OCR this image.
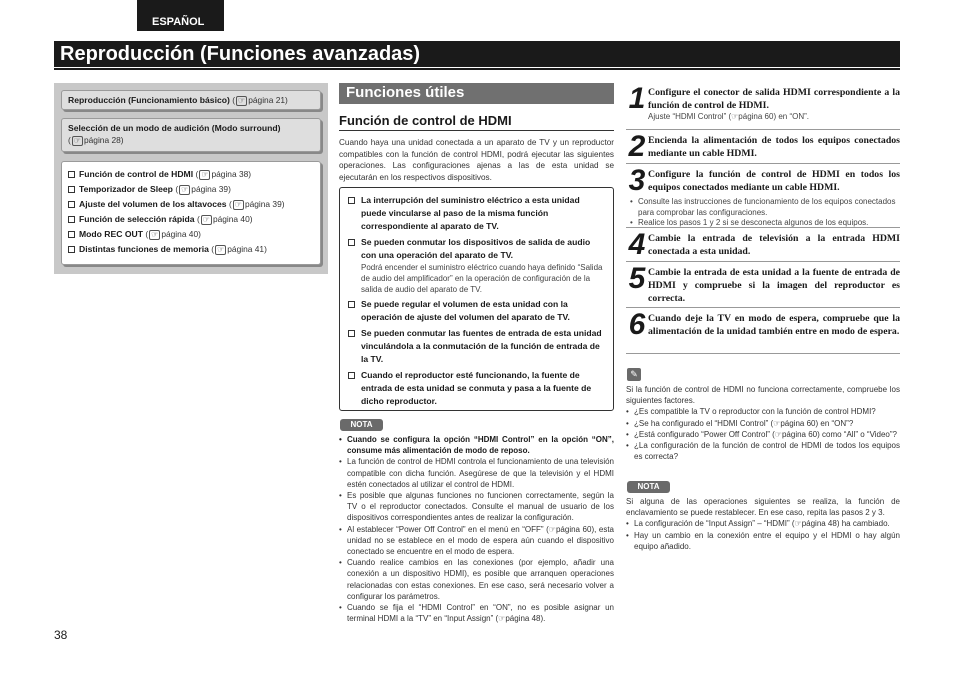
ESPAÑOL
Reproducción (Funciones avanzadas)
Reproducción (Funcionamiento básico) ( ☞ página 21)
Selección de un modo de audición (Modo surround)
( ☞ página 28)
Función de control de HDMI ( ☞ página 38)
Temporizador de Sleep ( ☞ página 39)
Ajuste del volumen de los altavoces ( ☞ página 39)
Función de selección rápida ( ☞ página 40)
Modo REC OUT ( ☞ página 40)
Distintas funciones de memoria ( ☞ página 41)
Funciones útiles
Función de control de HDMI
Cuando haya una unidad conectada a un aparato de TV y un reproductor compatibles con la función de control HDMI, podrá ejecutar las siguientes operaciones. Las configuraciones ajenas a las de esta unidad se ejecutarán en los respectivos dispositivos.
La interrupción del suministro eléctrico a esta unidad puede vincularse al paso de la misma función correspondiente al aparato de TV.
Se pueden conmutar los dispositivos de salida de audio con una operación del aparato de TV.
Podrá encender el suministro eléctrico cuando haya definido “Salida de audio del amplificador” en la operación de configuración de la salida de audio del aparato de TV.
Se puede regular el volumen de esta unidad con la operación de ajuste del volumen del aparato de TV.
Se pueden conmutar las fuentes de entrada de esta unidad vinculándola a la conmutación de la función de entrada de la TV.
Cuando el reproductor esté funcionando, la fuente de entrada de esta unidad se conmuta y pasa a la fuente de dicho reproductor.
NOTA
• Cuando se configura la opción “HDMI Control” en la opción “ON”, consume más alimentación de modo de reposo.
• La función de control de HDMI controla el funcionamiento de una televisión compatible con dicha función. Asegúrese de que la televisión y el HDMI estén conectados al utilizar el control de HDMI.
• Es posible que algunas funciones no funcionen correctamente, según la TV o el reproductor conectados. Consulte el manual de usuario de los dispositivos correspondientes antes de realizar la configuración.
• Al establecer “Power Off Control” en el menú en “OFF” (☞página 60), esta unidad no se establece en el modo de espera aún cuando el dispositivo conectado se encuentre en el modo de espera.
• Cuando realice cambios en las conexiones (por ejemplo, añadir una conexión a un dispositivo HDMI), es posible que arranquen operaciones relacionadas con estas conexiones. En ese caso, será necesario volver a configurar los parámetros.
• Cuando se fija el “HDMI Control” en “ON”, no es posible asignar un terminal HDMI a la “TV” en “Input Assign” (☞página 48).
38
1 Configure el conector de salida HDMI correspondiente a la función de control de HDMI.
Ajuste “HDMI Control” (☞página 60) en “ON”.
2 Encienda la alimentación de todos los equipos conectados mediante un cable HDMI.
3 Configure la función de control de HDMI en todos los equipos conectados mediante un cable HDMI.
• Consulte las instrucciones de funcionamiento de los equipos conectados para comprobar las configuraciones.
• Realice los pasos 1 y 2 si se desconecta algunos de los equipos.
4 Cambie la entrada de televisión a la entrada HDMI conectada a esta unidad.
5 Cambie la entrada de esta unidad a la fuente de entrada de HDMI y compruebe si la imagen del reproductor es correcta.
6 Cuando deje la TV en modo de espera, compruebe que la alimentación de la unidad también entre en modo de espera.
✎
Si la función de control de HDMI no funciona correctamente, compruebe los siguientes factores.
• ¿Es compatible la TV o reproductor con la función de control HDMI?
• ¿Se ha configurado el “HDMI Control” (☞página 60) en “ON”?
• ¿Está configurado “Power Off Control” (☞página 60) como “All” o “Video”?
• ¿La configuración de la función de control de HDMI de todos los equipos es correcta?
NOTA
Si alguna de las operaciones siguientes se realiza, la función de enclavamiento se puede restablecer. En ese caso, repita las pasos 2 y 3.
• La configuración de “Input Assign” – “HDMI” (☞página 48) ha cambiado.
• Hay un cambio en la conexión entre el equipo y el HDMI o hay algún equipo añadido.
